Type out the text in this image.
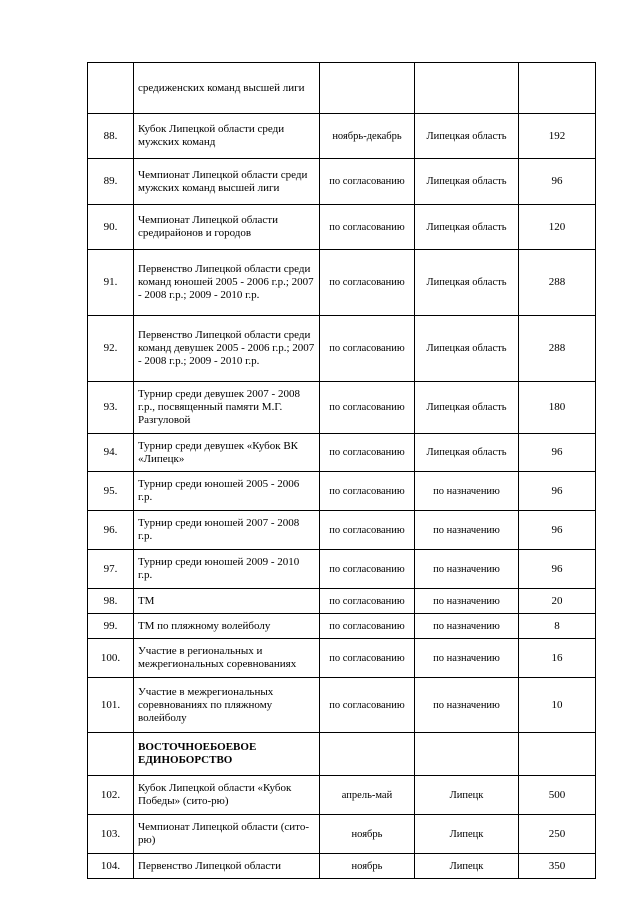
	средиженских команд высшей лиги			
88.	Кубок Липецкой области среди мужских команд	ноябрь-декабрь	Липецкая область	192
89.	Чемпионат Липецкой области среди мужских команд высшей лиги	по согласованию	Липецкая область	96
90.	Чемпионат Липецкой области средирайонов и городов	по согласованию	Липецкая область	120
91.	Первенство Липецкой области среди команд юношей 2005 - 2006 г.р.; 2007 - 2008 г.р.; 2009 - 2010 г.р.	по согласованию	Липецкая область	288
92.	Первенство Липецкой области среди команд девушек 2005 - 2006 г.р.; 2007 - 2008 г.р.; 2009 - 2010 г.р.	по согласованию	Липецкая область	288
93.	Турнир среди девушек 2007 - 2008 г.р., посвященный памяти М.Г. Разгуловой	по согласованию	Липецкая область	180
94.	Турнир среди девушек «Кубок ВК «Липецк»	по согласованию	Липецкая область	96
95.	Турнир среди юношей 2005 - 2006 г.р.	по согласованию	по назначению	96
96.	Турнир среди юношей 2007 - 2008 г.р.	по согласованию	по назначению	96
97.	Турнир среди юношей 2009 - 2010 г.р.	по согласованию	по назначению	96
98.	ТМ	по согласованию	по назначению	20
99.	ТМ по пляжному волейболу	по согласованию	по назначению	8
100.	Участие в региональных и межрегиональных соревнованиях	по согласованию	по назначению	16
101.	Участие в межрегиональных соревнованиях по пляжному волейболу	по согласованию	по назначению	10
	ВОСТОЧНОЕБОЕВОЕ ЕДИНОБОРСТВО			
102.	Кубок Липецкой области «Кубок Победы» (сито-рю)	апрель-май	Липецк	500
103.	Чемпионат Липецкой области (сито-рю)	ноябрь	Липецк	250
104.	Первенство Липецкой области	ноябрь	Липецк	350
